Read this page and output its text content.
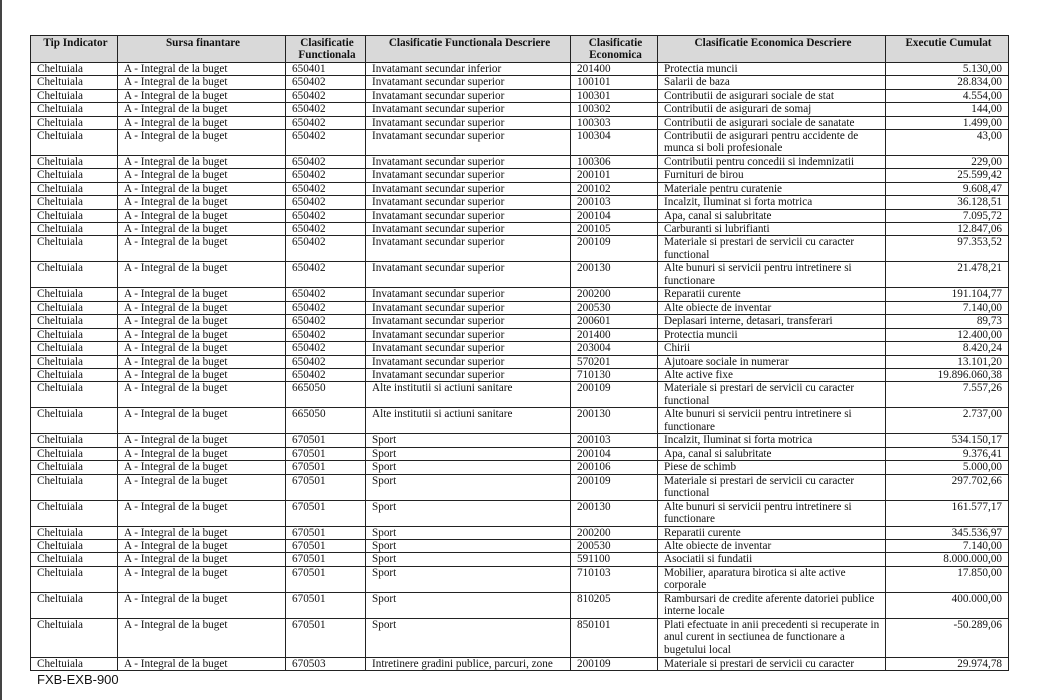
Tip Indicator	Sursa finantare	Clasificatie Functionala	Clasificatie Functionala Descriere	Clasificatie Economica	Clasificatie Economica Descriere	Executie Cumulat
Cheltuiala	A - Integral de la buget	650401	Invatamant secundar inferior	201400	Protectia muncii	5.130,00
Cheltuiala	A - Integral de la buget	650402	Invatamant secundar superior	100101	Salarii de baza	28.834,00
Cheltuiala	A - Integral de la buget	650402	Invatamant secundar superior	100301	Contributii de asigurari sociale de stat	4.554,00
Cheltuiala	A - Integral de la buget	650402	Invatamant secundar superior	100302	Contributii de asigurari de somaj	144,00
Cheltuiala	A - Integral de la buget	650402	Invatamant secundar superior	100303	Contributii de asigurari sociale de sanatate	1.499,00
Cheltuiala	A - Integral de la buget	650402	Invatamant secundar superior	100304	Contributii de asigurari pentru accidente de munca si boli profesionale	43,00
Cheltuiala	A - Integral de la buget	650402	Invatamant secundar superior	100306	Contributii pentru concedii si indemnizatii	229,00
Cheltuiala	A - Integral de la buget	650402	Invatamant secundar superior	200101	Furnituri de birou	25.599,42
Cheltuiala	A - Integral de la buget	650402	Invatamant secundar superior	200102	Materiale pentru curatenie	9.608,47
Cheltuiala	A - Integral de la buget	650402	Invatamant secundar superior	200103	Incalzit, Iluminat si forta motrica	36.128,51
Cheltuiala	A - Integral de la buget	650402	Invatamant secundar superior	200104	Apa, canal si salubritate	7.095,72
Cheltuiala	A - Integral de la buget	650402	Invatamant secundar superior	200105	Carburanti si lubrifianti	12.847,06
Cheltuiala	A - Integral de la buget	650402	Invatamant secundar superior	200109	Materiale si prestari de servicii cu caracter functional	97.353,52
Cheltuiala	A - Integral de la buget	650402	Invatamant secundar superior	200130	Alte bunuri si servicii pentru intretinere si functionare	21.478,21
Cheltuiala	A - Integral de la buget	650402	Invatamant secundar superior	200200	Reparatii curente	191.104,77
Cheltuiala	A - Integral de la buget	650402	Invatamant secundar superior	200530	Alte obiecte de inventar	7.140,00
Cheltuiala	A - Integral de la buget	650402	Invatamant secundar superior	200601	Deplasari interne, detasari, transferari	89,73
Cheltuiala	A - Integral de la buget	650402	Invatamant secundar superior	201400	Protectia muncii	12.400,00
Cheltuiala	A - Integral de la buget	650402	Invatamant secundar superior	203004	Chirii	8.420,24
Cheltuiala	A - Integral de la buget	650402	Invatamant secundar superior	570201	Ajutoare sociale in numerar	13.101,20
Cheltuiala	A - Integral de la buget	650402	Invatamant secundar superior	710130	Alte active fixe	19.896.060,38
Cheltuiala	A - Integral de la buget	665050	Alte institutii si actiuni sanitare	200109	Materiale si prestari de servicii cu caracter functional	7.557,26
Cheltuiala	A - Integral de la buget	665050	Alte institutii si actiuni sanitare	200130	Alte bunuri si servicii pentru intretinere si functionare	2.737,00
Cheltuiala	A - Integral de la buget	670501	Sport	200103	Incalzit, Iluminat si forta motrica	534.150,17
Cheltuiala	A - Integral de la buget	670501	Sport	200104	Apa, canal si salubritate	9.376,41
Cheltuiala	A - Integral de la buget	670501	Sport	200106	Piese de schimb	5.000,00
Cheltuiala	A - Integral de la buget	670501	Sport	200109	Materiale si prestari de servicii cu caracter functional	297.702,66
Cheltuiala	A - Integral de la buget	670501	Sport	200130	Alte bunuri si servicii pentru intretinere si functionare	161.577,17
Cheltuiala	A - Integral de la buget	670501	Sport	200200	Reparatii curente	345.536,97
Cheltuiala	A - Integral de la buget	670501	Sport	200530	Alte obiecte de inventar	7.140,00
Cheltuiala	A - Integral de la buget	670501	Sport	591100	Asociatii si fundatii	8.000.000,00
Cheltuiala	A - Integral de la buget	670501	Sport	710103	Mobilier, aparatura birotica si alte active corporale	17.850,00
Cheltuiala	A - Integral de la buget	670501	Sport	810205	Rambursari de credite aferente datoriei publice interne locale	400.000,00
Cheltuiala	A - Integral de la buget	670501	Sport	850101	Plati efectuate in anii precedenti si recuperate in anul curent in sectiunea de functionare a bugetului local	-50.289,06
Cheltuiala	A - Integral de la buget	670503	Intretinere gradini publice, parcuri, zone	200109	Materiale si prestari de servicii cu caracter	29.974,78
FXB-EXB-900
